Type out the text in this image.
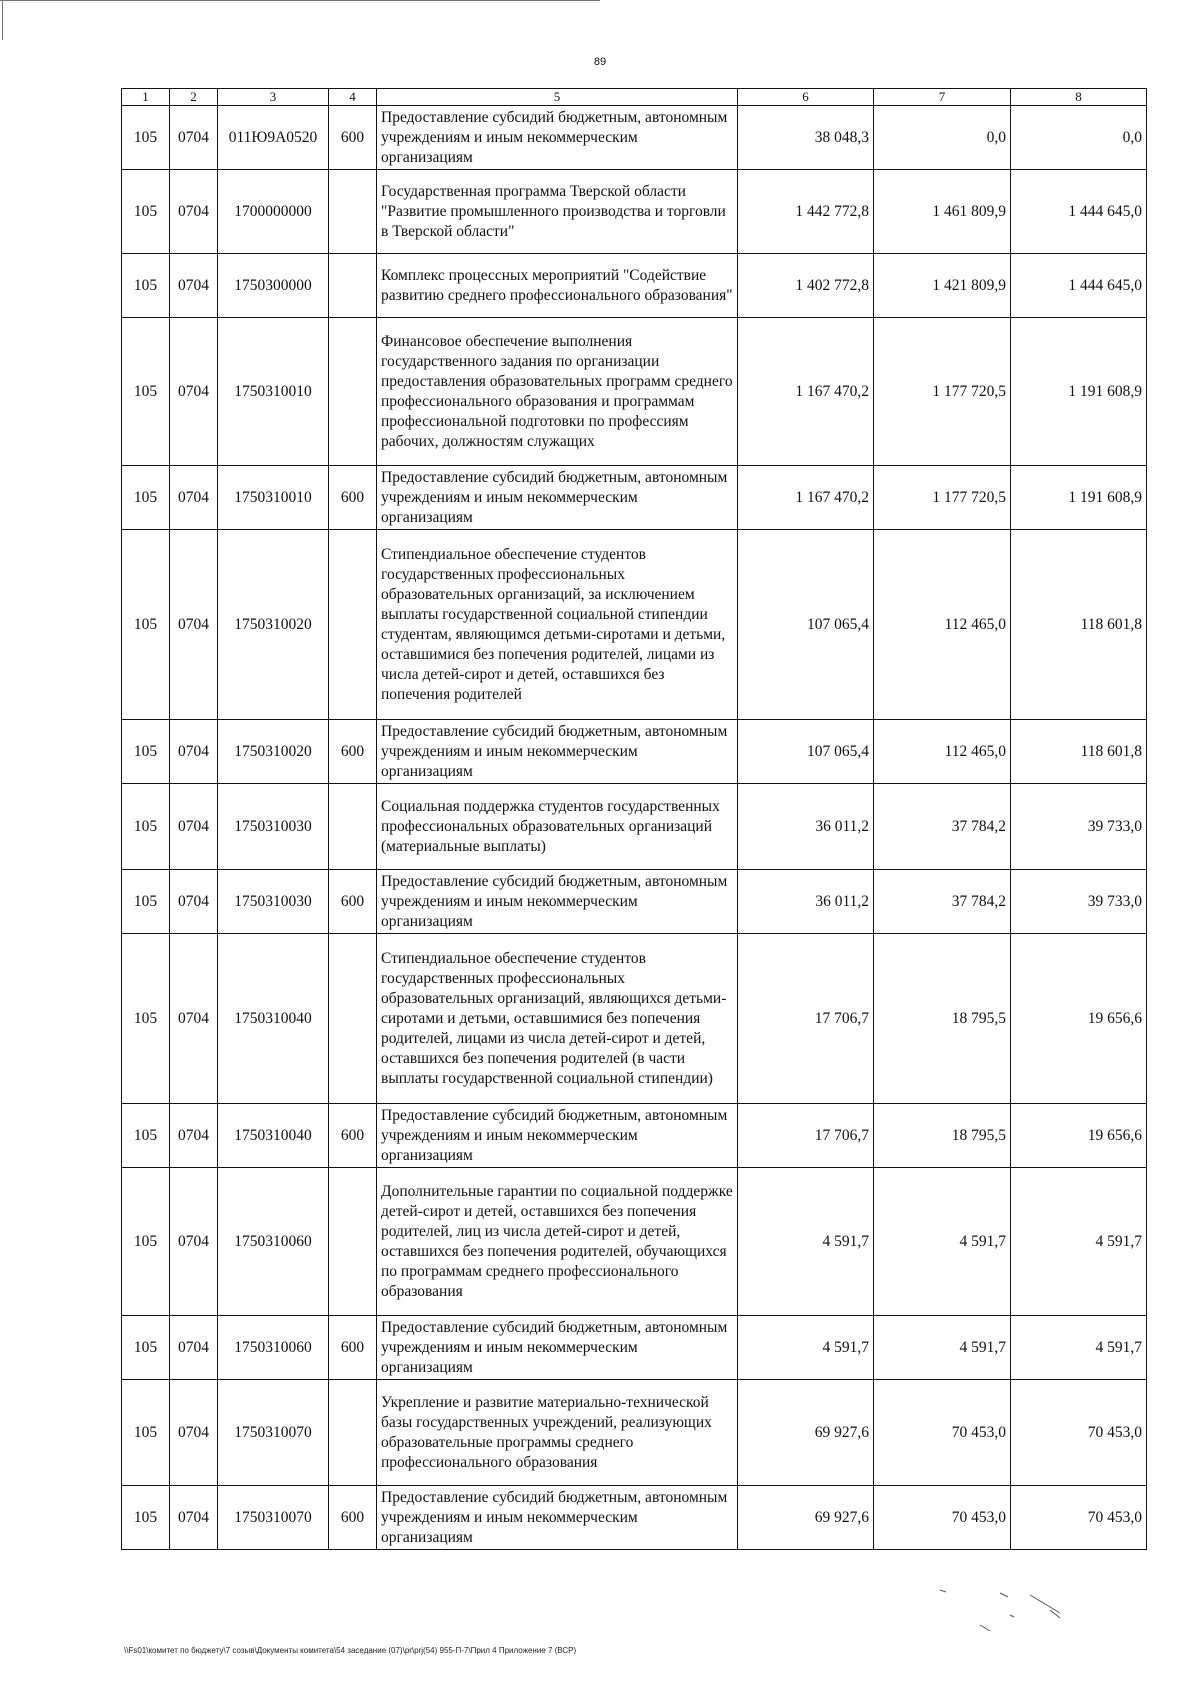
89
1	2	3	4	5	6	7	8
105	0704	011Ю9А0520	600	Предоставление субсидий бюджетным, автономным учреждениям и иным некоммерческим организациям	38 048,3	0,0	0,0
105	0704	1700000000		Государственная программа Тверской области "Развитие промышленного производства и торговли в Тверской области"	1 442 772,8	1 461 809,9	1 444 645,0
105	0704	1750300000		Комплекс процессных мероприятий "Содействие развитию среднего профессионального образования"	1 402 772,8	1 421 809,9	1 444 645,0
105	0704	1750310010		Финансовое обеспечение выполнения государственного задания по организации предоставления образовательных программ среднего профессионального образования и программам профессиональной подготовки по профессиям рабочих, должностям служащих	1 167 470,2	1 177 720,5	1 191 608,9
105	0704	1750310010	600	Предоставление субсидий бюджетным, автономным учреждениям и иным некоммерческим организациям	1 167 470,2	1 177 720,5	1 191 608,9
105	0704	1750310020		Стипендиальное обеспечение студентов государственных профессиональных образовательных организаций, за исключением выплаты государственной социальной стипендии студентам, являющимся детьми-сиротами и детьми, оставшимися без попечения родителей, лицами из числа детей-сирот и детей, оставшихся без попечения родителей	107 065,4	112 465,0	118 601,8
105	0704	1750310020	600	Предоставление субсидий бюджетным, автономным учреждениям и иным некоммерческим организациям	107 065,4	112 465,0	118 601,8
105	0704	1750310030		Социальная поддержка студентов государственных профессиональных образовательных организаций (материальные выплаты)	36 011,2	37 784,2	39 733,0
105	0704	1750310030	600	Предоставление субсидий бюджетным, автономным учреждениям и иным некоммерческим организациям	36 011,2	37 784,2	39 733,0
105	0704	1750310040		Стипендиальное обеспечение студентов государственных профессиональных образовательных организаций, являющихся детьми-сиротами и детьми, оставшимися без попечения родителей, лицами из числа детей-сирот и детей, оставшихся без попечения родителей (в части выплаты государственной социальной стипендии)	17 706,7	18 795,5	19 656,6
105	0704	1750310040	600	Предоставление субсидий бюджетным, автономным учреждениям и иным некоммерческим организациям	17 706,7	18 795,5	19 656,6
105	0704	1750310060		Дополнительные гарантии по социальной поддержке детей-сирот и детей, оставшихся без попечения родителей, лиц из числа детей-сирот и детей, оставшихся без попечения родителей, обучающихся по программам среднего профессионального образования	4 591,7	4 591,7	4 591,7
105	0704	1750310060	600	Предоставление субсидий бюджетным, автономным учреждениям и иным некоммерческим организациям	4 591,7	4 591,7	4 591,7
105	0704	1750310070		Укрепление и развитие материально-технической базы государственных учреждений, реализующих образовательные программы среднего профессионального образования	69 927,6	70 453,0	70 453,0
105	0704	1750310070	600	Предоставление субсидий бюджетным, автономным учреждениям и иным некоммерческим организациям	69 927,6	70 453,0	70 453,0
\\Fs01\комитет по бюджету\7 созыв\Документы комитета\54 заседание (07)\pr\prj(54) 955-П-7\Прил 4 Приложение 7 (ВСР)
